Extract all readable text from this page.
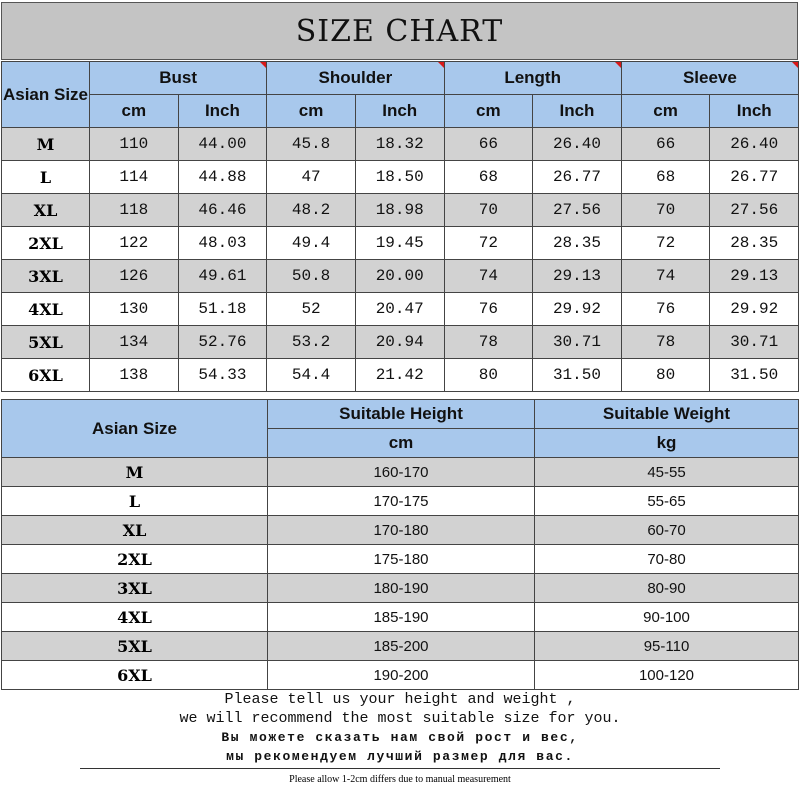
SIZE CHART
Asian Size	Bust		Shoulder		Length		Sleeve	
	cm	Inch	cm	Inch	cm	Inch	cm	Inch
M	110	44.00	45.8	18.32	66	26.40	66	26.40
L	114	44.88	47	18.50	68	26.77	68	26.77
XL	118	46.46	48.2	18.98	70	27.56	70	27.56
2XL	122	48.03	49.4	19.45	72	28.35	72	28.35
3XL	126	49.61	50.8	20.00	74	29.13	74	29.13
4XL	130	51.18	52	20.47	76	29.92	76	29.92
5XL	134	52.76	53.2	20.94	78	30.71	78	30.71
6XL	138	54.33	54.4	21.42	80	31.50	80	31.50
Asian Size	Suitable Height	Suitable Weight
	cm	kg
M	160-170	45-55
L	170-175	55-65
XL	170-180	60-70
2XL	175-180	70-80
3XL	180-190	80-90
4XL	185-190	90-100
5XL	185-200	95-110
6XL	190-200	100-120
Please tell us your height and weight ,
we will recommend the most suitable size for you.
Вы можете сказать нам свой рост и вес,
мы рекомендуем лучший размер для вас.
Please allow 1-2cm differs due to manual measurement
